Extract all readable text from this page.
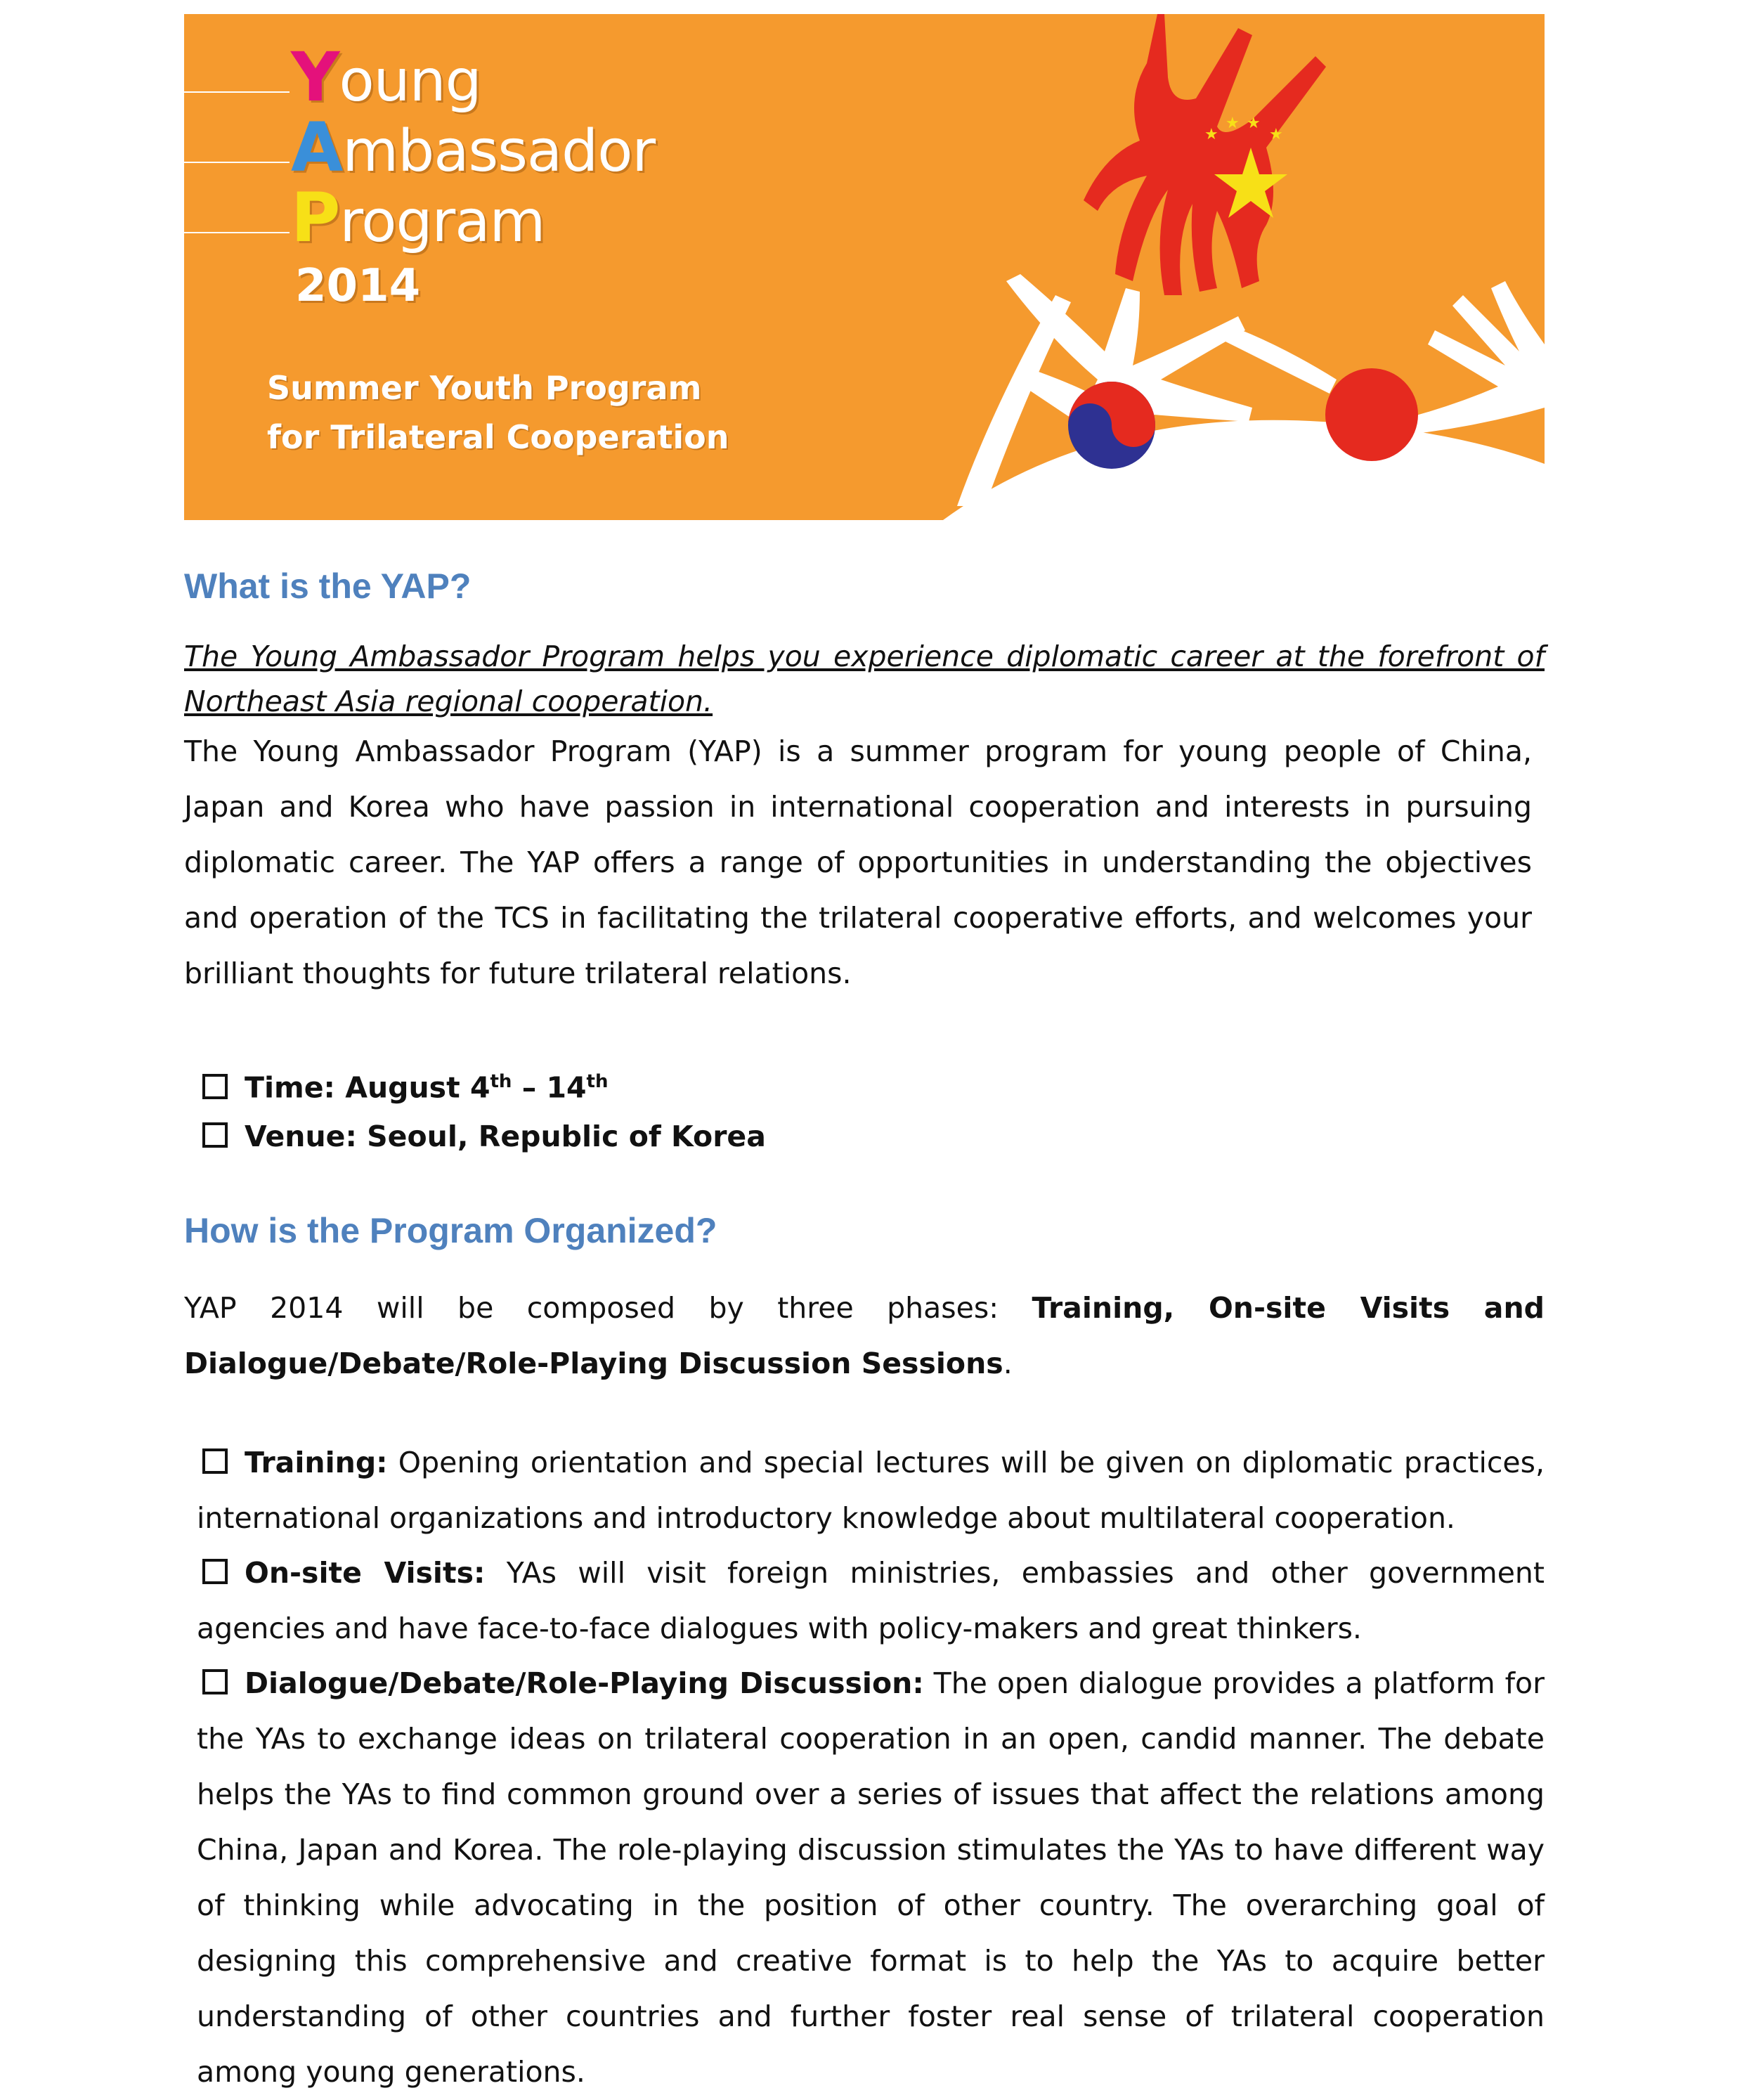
★
★ ★
★
Young
Ambassador
Program
2014
Summer Youth Program
for Trilateral Cooperation
What is the YAP?

The Young Ambassador Program helps you experience diplomatic career at the forefront of Northeast Asia regional cooperation.

The Young Ambassador Program (YAP) is a summer program for young people of China, Japan and Korea who have passion in international cooperation and interests in pursuing diplomatic career. The YAP offers a range of opportunities in understanding the objectives and operation of the TCS in facilitating the trilateral cooperative efforts, and welcomes your brilliant thoughts for future trilateral relations.

Time: August 4th – 14th
Venue: Seoul, Republic of Korea
How is the Program Organized?

YAP 2014 will be composed by three phases: Training, On-site Visits and Dialogue/Debate/Role-Playing Discussion Sessions.

Training: Opening orientation and special lectures will be given on diplomatic practices, international organizations and introductory knowledge about multilateral cooperation.

On-site Visits: YAs will visit foreign ministries, embassies and other government agencies and have face-to-face dialogues with policy-makers and great thinkers.

Dialogue/Debate/Role-Playing Discussion: The open dialogue provides a platform for the YAs to exchange ideas on trilateral cooperation in an open, candid manner. The debate helps the YAs to find common ground over a series of issues that affect the relations among China, Japan and Korea. The role-playing discussion stimulates the YAs to have different way of thinking while advocating in the position of other country. The overarching goal of designing this comprehensive and creative format is to help the YAs to acquire better understanding of other countries and further foster real sense of trilateral cooperation among young generations.
